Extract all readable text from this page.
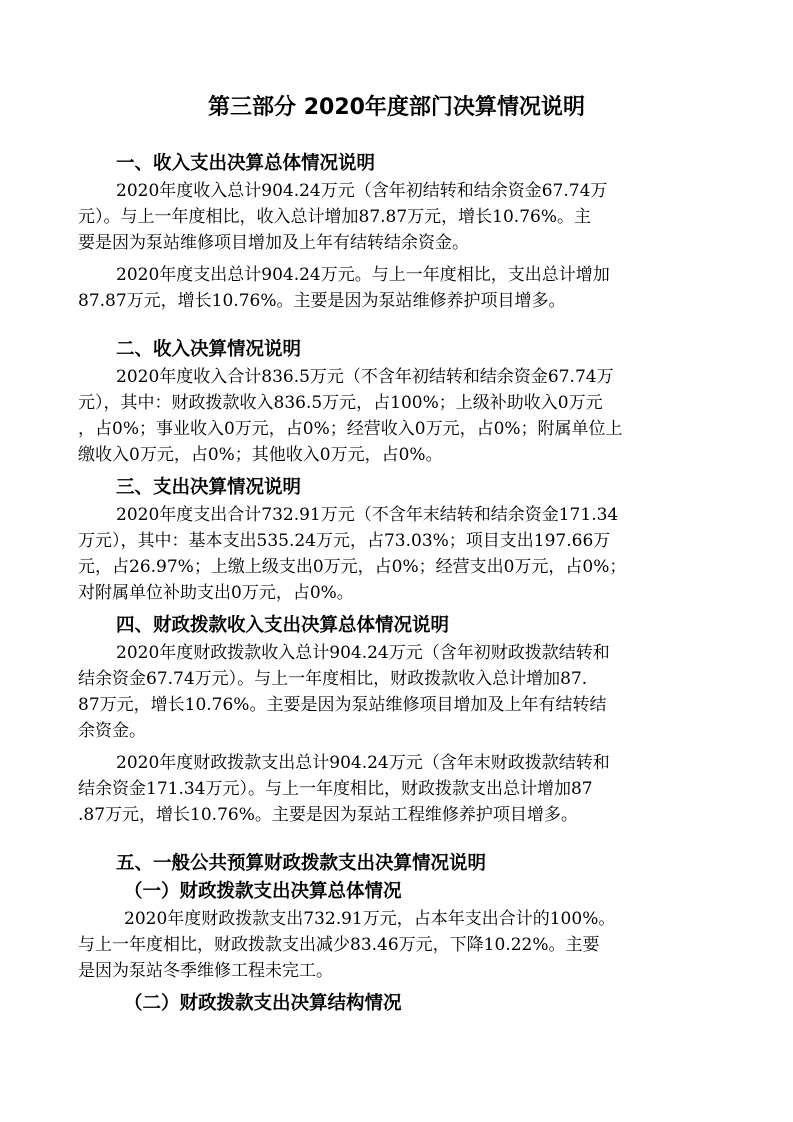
第三部分 2020年度部门决算情况说明
一、收入支出决算总体情况说明
2020年度收入总计904.24万元（含年初结转和结余资金67.74万
元）。与上一年度相比，收入总计增加87.87万元，增长10.76%。主
要是因为泵站维修项目增加及上年有结转结余资金。
2020年度支出总计904.24万元。与上一年度相比，支出总计增加
87.87万元，增长10.76%。主要是因为泵站维修养护项目增多。
二、收入决算情况说明
2020年度收入合计836.5万元（不含年初结转和结余资金67.74万
元），其中：财政拨款收入836.5万元，占100%；上级补助收入0万元
，占0%；事业收入0万元，占0%；经营收入0万元，占0%；附属单位上
缴收入0万元，占0%；其他收入0万元，占0%。
三、支出决算情况说明
2020年度支出合计732.91万元（不含年末结转和结余资金171.34
万元），其中：基本支出535.24万元，占73.03%；项目支出197.66万
元，占26.97%；上缴上级支出0万元，占0%；经营支出0万元，占0%；
对附属单位补助支出0万元，占0%。
四、财政拨款收入支出决算总体情况说明
2020年度财政拨款收入总计904.24万元（含年初财政拨款结转和
结余资金67.74万元）。与上一年度相比，财政拨款收入总计增加87.
87万元，增长10.76%。主要是因为泵站维修项目增加及上年有结转结
余资金。
2020年度财政拨款支出总计904.24万元（含年末财政拨款结转和
结余资金171.34万元）。与上一年度相比，财政拨款支出总计增加87
.87万元，增长10.76%。主要是因为泵站工程维修养护项目增多。
五、一般公共预算财政拨款支出决算情况说明
（一）财政拨款支出决算总体情况
2020年度财政拨款支出732.91万元，占本年支出合计的100%。
与上一年度相比，财政拨款支出减少83.46万元，下降10.22%。主要
是因为泵站冬季维修工程未完工。
（二）财政拨款支出决算结构情况
